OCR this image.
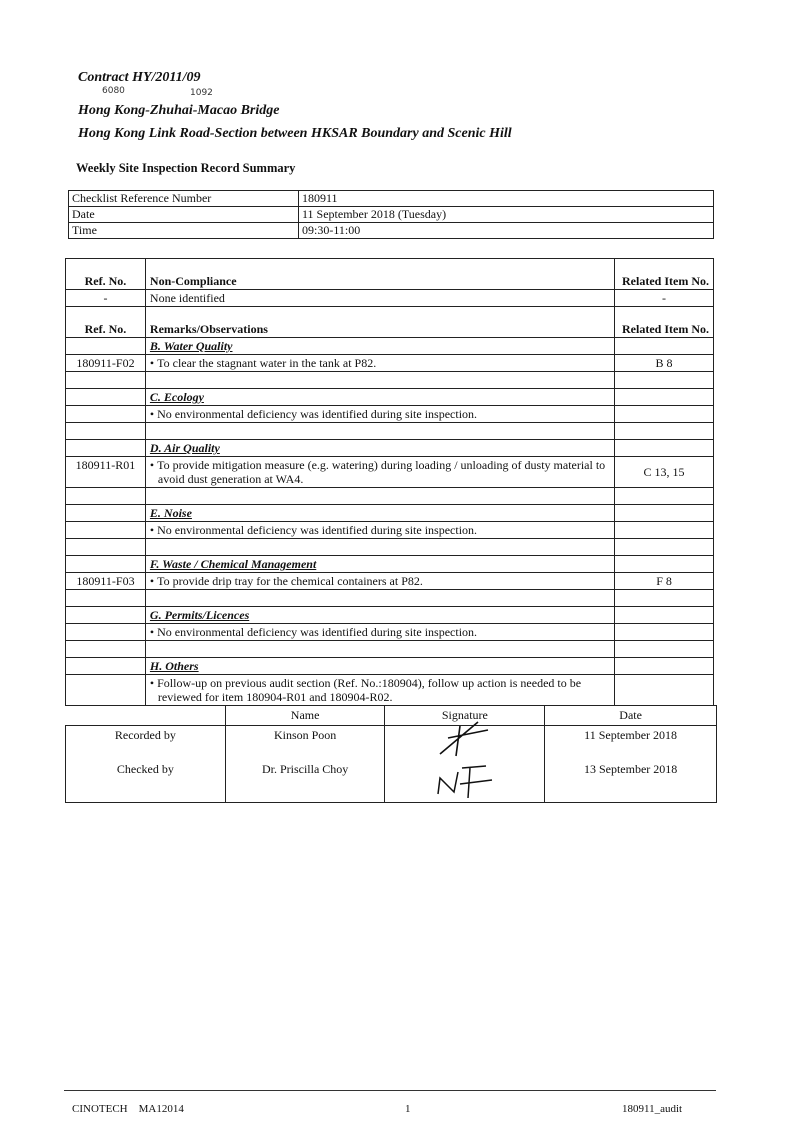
Contract HY/2011/09
6080	1092
Hong Kong-Zhuhai-Macao Bridge
Hong Kong Link Road-Section between HKSAR Boundary and Scenic Hill
Weekly Site Inspection Record Summary
Checklist Reference Number	180911
Date	11 September 2018 (Tuesday)
Time	09:30-11:00
Ref. No.	Non-Compliance	Related Item No.
-	None identified	-
Ref. No.	Remarks/Observations	Related Item No.
	B. Water Quality	
180911-F02	• To clear the stagnant water in the tank at P82.	B 8

	C. Ecology	
	• No environmental deficiency was identified during site inspection.	

	D. Air Quality	
180911-R01	• To provide mitigation measure (e.g. watering) during loading / unloading of dusty material to avoid dust generation at WA4.	C 13, 15

	E. Noise	
	• No environmental deficiency was identified during site inspection.	

	F. Waste / Chemical Management	
180911-F03	• To provide drip tray for the chemical containers at P82.	F 8

	G. Permits/Licences	
	• No environmental deficiency was identified during site inspection.	

	H. Others	
	• Follow-up on previous audit section (Ref. No.:180904), follow up action is needed to be reviewed for item 180904-R01 and 180904-R02.	
	Name	Signature	Date
Recorded by	Kinson Poon		11 September 2018
Checked by	Dr. Priscilla Choy		13 September 2018
CINOTECH    MA12014	1	180911_audit
